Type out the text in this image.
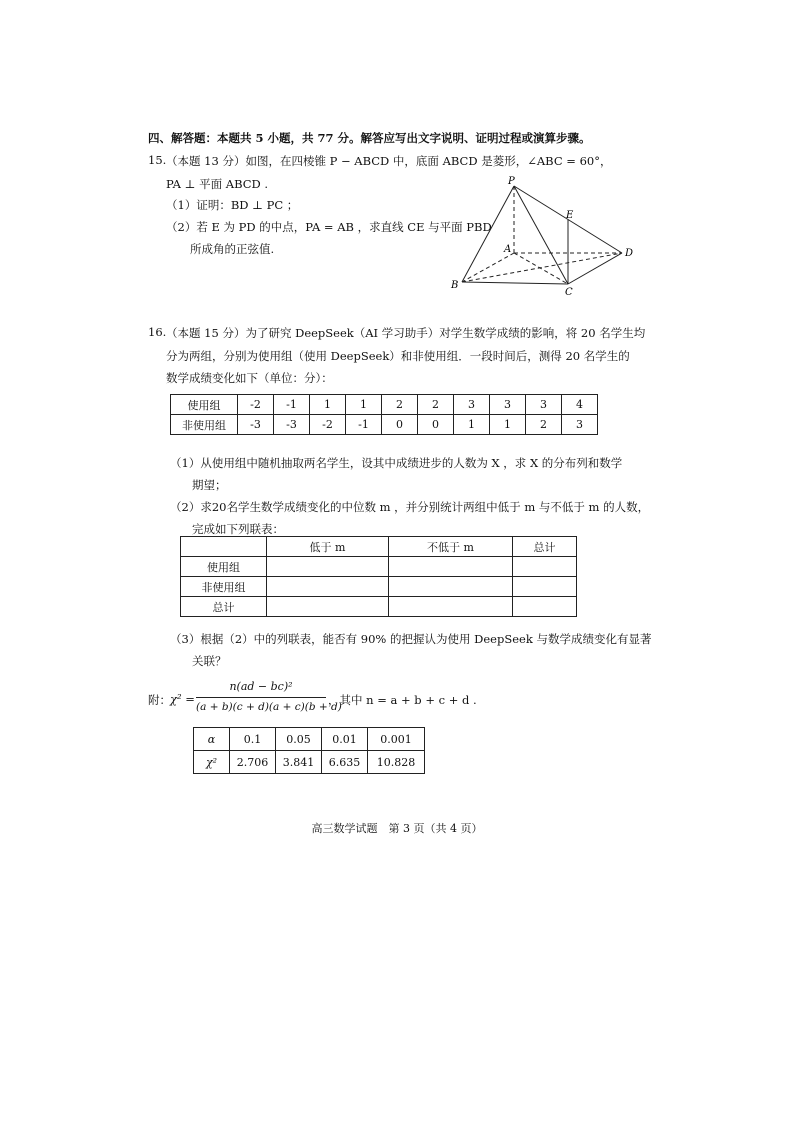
四、解答题：本题共 5 小题，共 77 分。解答应写出文字说明、证明过程或演算步骤。
15. （本题 13 分）如图，在四棱锥 P − ABCD 中，底面 ABCD 是菱形，∠ABC = 60°，
PA ⊥ 平面 ABCD .
（1）证明：BD ⊥ PC ；
（2）若 E 为 PD 的中点，PA = AB ，求直线 CE 与平面 PBD
所成角的正弦值.
P
E
A	D
B
C
16. （本题 15 分）为了研究 DeepSeek（AI 学习助手）对学生数学成绩的影响，将 20 名学生均
分为两组，分别为使用组（使用 DeepSeek）和非使用组．一段时间后，测得 20 名学生的
数学成绩变化如下（单位：分）：
使用组	-2	-1	1	1	2	2	3	3	3	4
非使用组	-3	-3	-2	-1	0	0	1	1	2	3
（1）从使用组中随机抽取两名学生，设其中成绩进步的人数为 X ，求 X 的分布列和数学
期望；
（2）求20名学生数学成绩变化的中位数 m ，并分别统计两组中低于 m 与不低于 m 的人数，
完成如下列联表：
	低于 m	不低于 m	总计
使用组			
非使用组			
总计			
（3）根据（2）中的列联表，能否有 90% 的把握认为使用 DeepSeek 与数学成绩变化有显著
关联？
附： χ² =
n(ad − bc)²
(a + b)(c + d)(a + c)(b + d)
，其中 n = a + b + c + d .
α	0.1	0.05	0.01	0.001
χ²	2.706	3.841	6.635	10.828
高三数学试题　第 3 页（共 4 页）
